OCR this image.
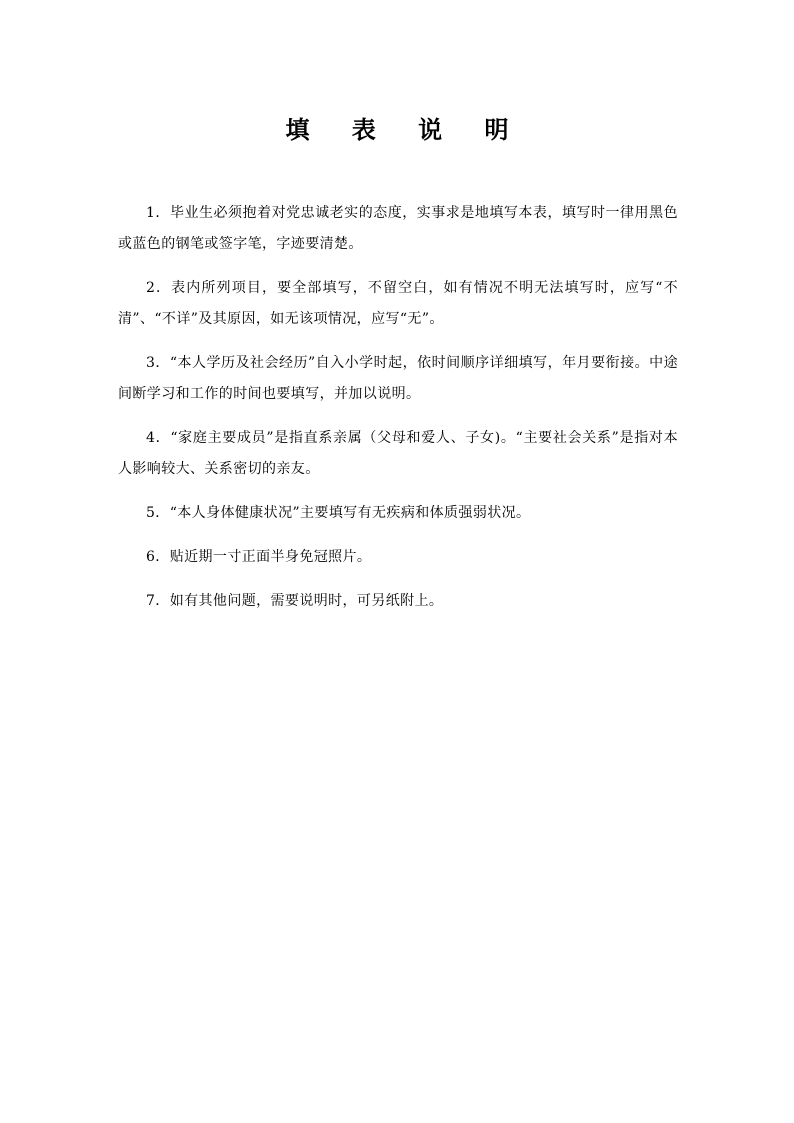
填 表 说 明
1．毕业生必须抱着对党忠诚老实的态度，实事求是地填写本表，填写时一律用黑色或蓝色的钢笔或签字笔，字迹要清楚。
2．表内所列项目，要全部填写，不留空白，如有情况不明无法填写时，应写“不清”、“不详”及其原因，如无该项情况，应写“无”。
3．“本人学历及社会经历”自入小学时起，依时间顺序详细填写，年月要衔接。中途间断学习和工作的时间也要填写，并加以说明。
4．“家庭主要成员”是指直系亲属（父母和爱人、子女)。“主要社会关系”是指对本人影响较大、关系密切的亲友。
5．“本人身体健康状况”主要填写有无疾病和体质强弱状况。
6．贴近期一寸正面半身免冠照片。
7．如有其他问题，需要说明时，可另纸附上。
